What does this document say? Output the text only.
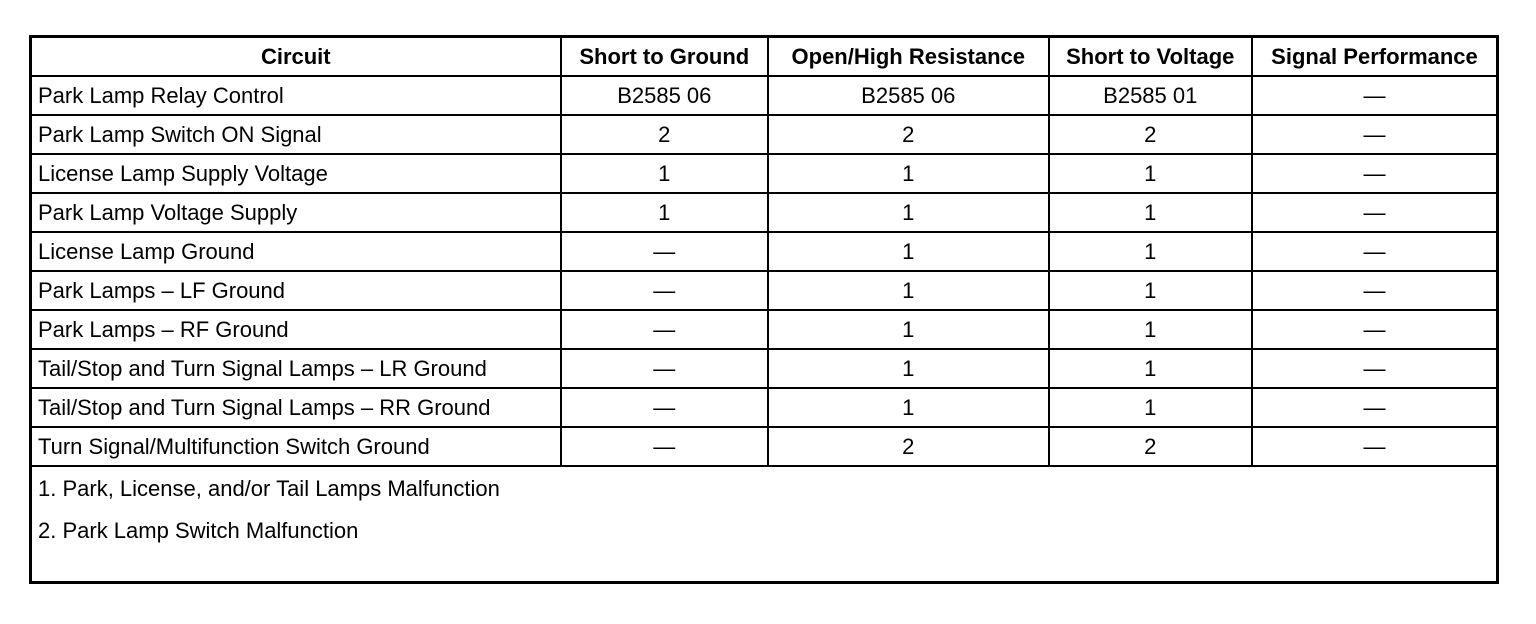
Circuit	Short to Ground	Open/High Resistance	Short to Voltage	Signal Performance
Park Lamp Relay Control	B2585 06	B2585 06	B2585 01	—
Park Lamp Switch ON Signal	2	2	2	—
License Lamp Supply Voltage	1	1	1	—
Park Lamp Voltage Supply	1	1	1	—
License Lamp Ground	—	1	1	—
Park Lamps – LF Ground	—	1	1	—
Park Lamps – RF Ground	—	1	1	—
Tail/Stop and Turn Signal Lamps – LR Ground	—	1	1	—
Tail/Stop and Turn Signal Lamps – RR Ground	—	1	1	—
Turn Signal/Multifunction Switch Ground	—	2	2	—

1. Park, License, and/or Tail Lamps Malfunction
2. Park Lamp Switch Malfunction				
